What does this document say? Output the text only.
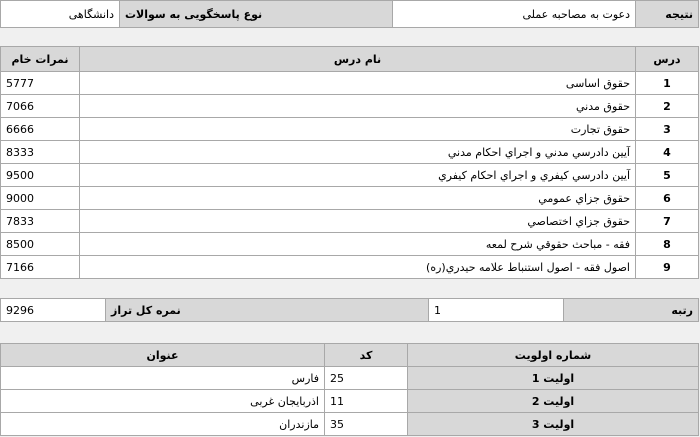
نتیجه	دعوت به مصاحبه عملی	نوع پاسخگویی به سوالات	دانشگاهی
درس	نام درس	نمرات خام
1	حقوق اساسی	5777
2	حقوق مدني	7066
3	حقوق تجارت	6666
4	آيين دادرسي مدني و اجراي احكام مدني	8333
5	آيين دادرسي كيفري و اجراي احكام كيفري	9500
6	حقوق جزاي عمومي	9000
7	حقوق جزاي اختصاصي	7833
8	فقه - مباحث حقوقي شرح لمعه	8500
9	اصول فقه - اصول استنباط علامه حيدري(ره)	7166
رتبه	1	نمره کل تراز	9296
شماره اولویت	کد	عنوان
اولیت 1	25	فارس
اولیت 2	11	اذربایجان غربی
اولیت 3	35	مازندران
